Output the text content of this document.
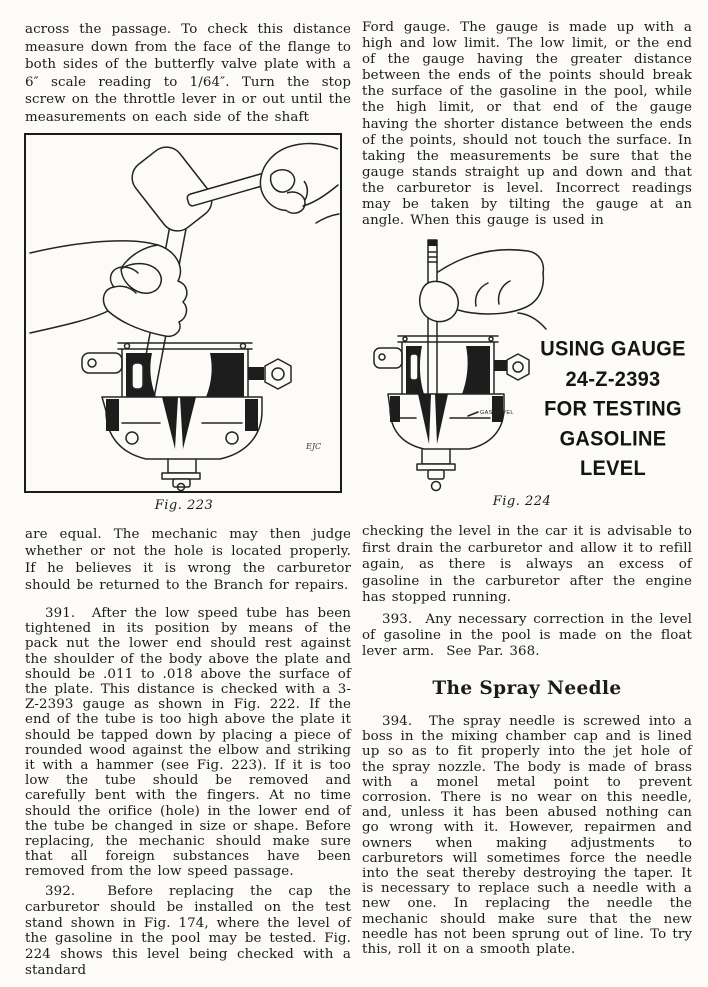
across the passage. To check this distance measure down from the face of the flange to both sides of the butterfly valve plate with a 6″ scale reading to 1/64″. Turn the stop screw on the throttle lever in or out until the measurements on each side of the shaft

EJC

Fig. 223

are equal. The mechanic may then judge whether or not the hole is located properly. If he believes it is wrong the carburetor should be returned to the Branch for repairs.

391.  After the low speed tube has been tightened in its position by means of the pack nut the lower end should rest against the shoulder of the body above the plate and should be .011 to .018 above the surface of the plate. This distance is checked with a 3-Z-2393 gauge as shown in Fig. 222. If the end of the tube is too high above the plate it should be tapped down by placing a piece of rounded wood against the elbow and striking it with a hammer (see Fig. 223). If it is too low the tube should be removed and carefully bent with the fingers. At no time should the orifice (hole) in the lower end of the tube be changed in size or shape. Before replacing, the mechanic should make sure that all foreign substances have been removed from the low speed passage.

392.  Before replacing the cap the carburetor should be installed on the test stand shown in Fig. 174, where the level of the gasoline in the pool may be tested. Fig. 224 shows this level being checked with a standard

Ford gauge. The gauge is made up with a high and low limit. The low limit, or the end of the gauge having the greater distance between the ends of the points should break the surface of the gasoline in the pool, while the high limit, or that end of the gauge having the shorter distance between the ends of the points, should not touch the surface. In taking the measurements be sure that the gauge stands straight up and down and that the carburetor is level. Incorrect readings may be taken by tilting the gauge at an angle. When this gauge is used in

GAS LEVEL
USING GAUGE
24-Z-2393
FOR TESTING
GASOLINE LEVEL

Fig. 224

checking the level in the car it is advisable to first drain the carburetor and allow it to refill again, as there is always an excess of gasoline in the carburetor after the engine has stopped running.

393.  Any necessary correction in the level of gasoline in the pool is made on the float lever arm.  See Par. 368.

The Spray Needle

394.  The spray needle is screwed into a boss in the mixing chamber cap and is lined up so as to fit properly into the jet hole of the spray nozzle. The body is made of brass with a monel metal point to prevent corrosion. There is no wear on this needle, and, unless it has been abused nothing can go wrong with it. However, repairmen and owners when making adjustments to carburetors will sometimes force the needle into the seat thereby destroying the taper. It is necessary to replace such a needle with a new one. In replacing the needle the mechanic should make sure that the new needle has not been sprung out of line. To try this, roll it on a smooth plate.
